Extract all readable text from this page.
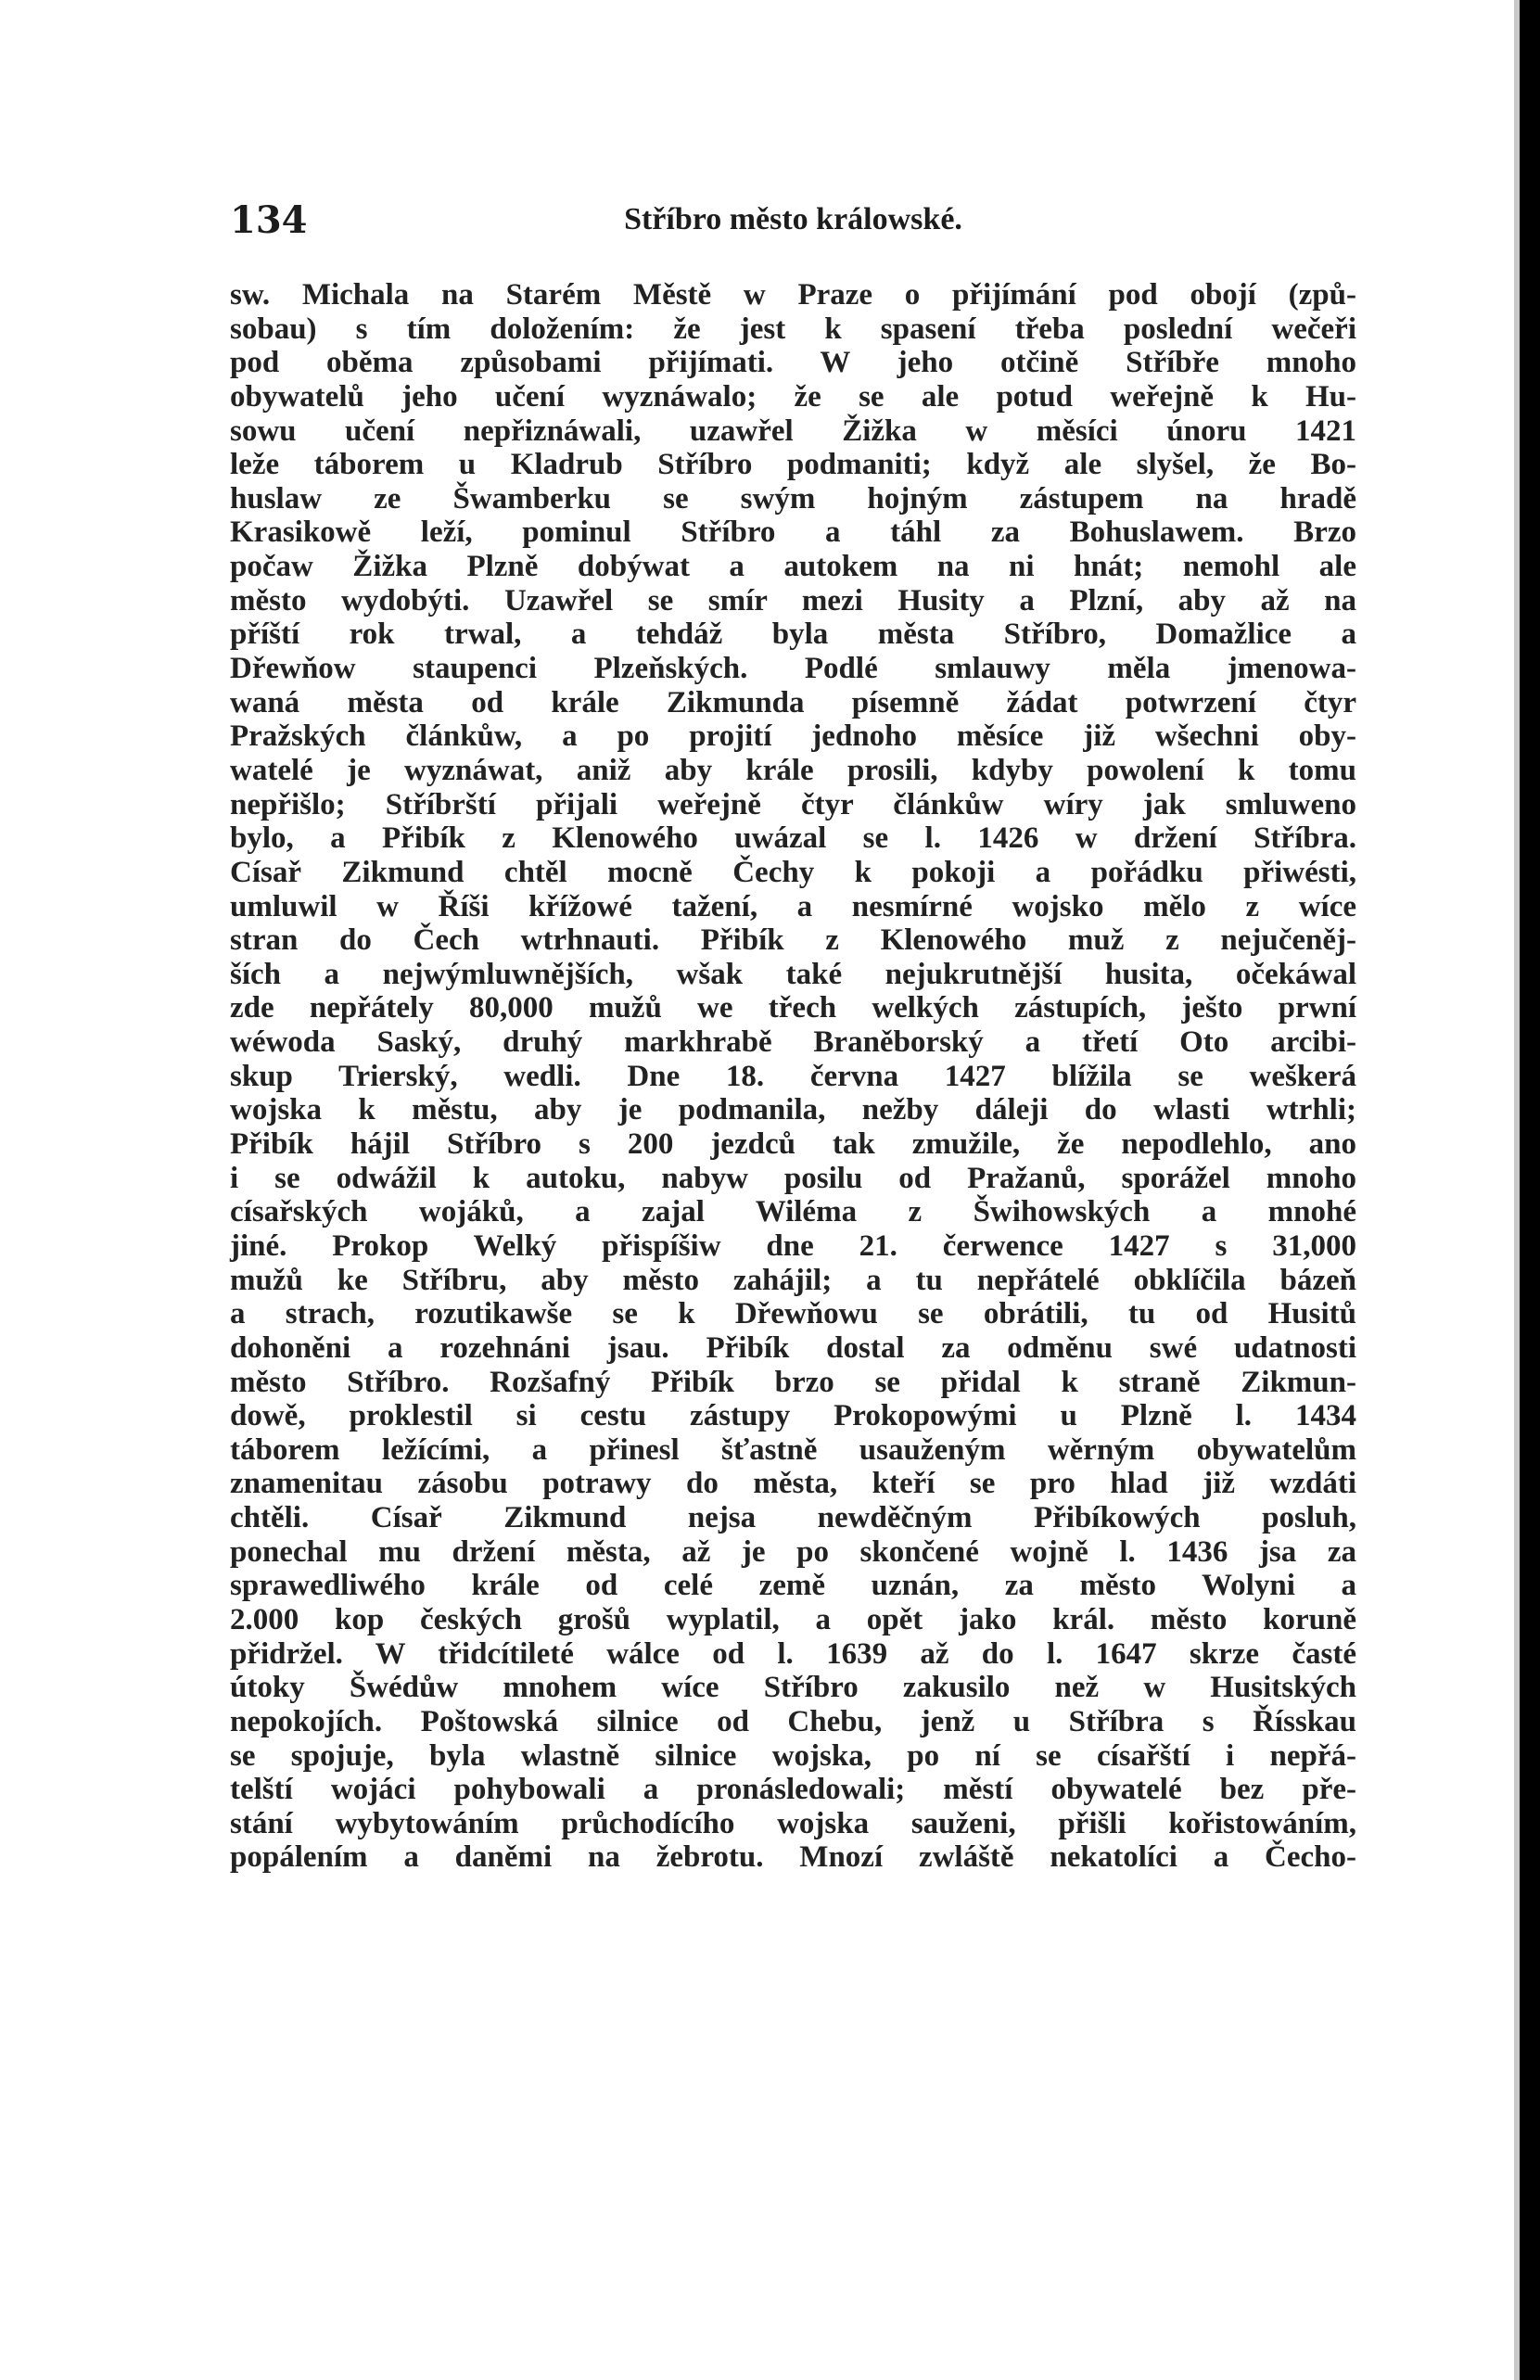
134	Stříbro město králowské.
sw. Michala na Starém Městě w Praze o přijímání pod obojí (způ-
sobau) s tím doložením: že jest k spasení třeba poslední wečeři
pod oběma způsobami přijímati. W jeho otčině Stříbře mnoho
obywatelů jeho učení wyznáwalo; že se ale potud weřejně k Hu-
sowu učení nepřiznáwali, uzawřel Žižka w měsíci únoru 1421
leže táborem u Kladrub Stříbro podmaniti; když ale slyšel, že Bo-
huslaw ze Šwamberku se swým hojným zástupem na hradě
Krasikowě leží, pominul Stříbro a táhl za Bohuslawem. Brzo
počaw Žižka Plzně dobýwat a autokem na ni hnát; nemohl ale
město wydobýti. Uzawřel se smír mezi Husity a Plzní, aby až na
příští rok trwal, a tehdáž byla města Stříbro, Domažlice a
Dřewňow staupenci Plzeňských. Podlé smlauwy měla jmenowa-
waná města od krále Zikmunda písemně žádat potwrzení čtyr
Pražských článkůw, a po projití jednoho měsíce již wšechni oby-
watelé je wyznáwat, aniž aby krále prosili, kdyby powolení k tomu
nepřišlo; Stříbrští přijali weřejně čtyr článkůw wíry jak smluweno
bylo, a Přibík z Klenowého uwázal se l. 1426 w držení Stříbra.
Císař Zikmund chtěl mocně Čechy k pokoji a pořádku přiwésti,
umluwil w Říši křížowé tažení, a nesmírné wojsko mělo z wíce
stran do Čech wtrhnauti. Přibík z Klenowého muž z nejučeněj-
ších a nejwýmluwnějších, wšak také nejukrutnější husita, očekáwal
zde nepřátely 80,000 mužů we třech welkých zástupích, ješto prwní
wéwoda Saský, druhý markhrabě Braněborský a třetí Oto arcibi-
skup Trierský, wedli. Dne 18. června 1427 blížila se weškerá
wojska k městu, aby je podmanila, nežby dáleji do wlasti wtrhli;
Přibík hájil Stříbro s 200 jezdců tak zmužile, že nepodlehlo, ano
i se odwážil k autoku, nabyw posilu od Pražanů, sporážel mnoho
císařských wojáků, a zajal Wiléma z Šwihowských a mnohé
jiné. Prokop Welký přispíšiw dne 21. čerwence 1427 s 31,000
mužů ke Stříbru, aby město zahájil; a tu nepřátelé obklíčila bázeň
a strach, rozutikawše se k Dřewňowu se obrátili, tu od Husitů
dohoněni a rozehnáni jsau. Přibík dostal za odměnu swé udatnosti
město Stříbro. Rozšafný Přibík brzo se přidal k straně Zikmun-
dowě, proklestil si cestu zástupy Prokopowými u Plzně l. 1434
táborem ležícími, a přinesl šťastně usauženým wěrným obywatelům
znamenitau zásobu potrawy do města, kteří se pro hlad již wzdáti
chtěli. Císař Zikmund nejsa newděčným Přibíkowých posluh,
ponechal mu držení města, až je po skončené wojně l. 1436 jsa za
sprawedliwého krále od celé země uznán, za město Wolyni a
2.000 kop českých grošů wyplatil, a opět jako král. město koruně
přidržel. W třidcítileté wálce od l. 1639 až do l. 1647 skrze časté
útoky Šwédůw mnohem wíce Stříbro zakusilo než w Husitských
nepokojích. Poštowská silnice od Chebu, jenž u Stříbra s Řísskau
se spojuje, byla wlastně silnice wojska, po ní se císařští i nepřá-
telští wojáci pohybowali a pronásledowali; městí obywatelé bez pře-
stání wybytowáním průchodícího wojska sauženi, přišli kořistowáním,
popálením a daněmi na žebrotu. Mnozí zwláště nekatolíci a Čecho-
